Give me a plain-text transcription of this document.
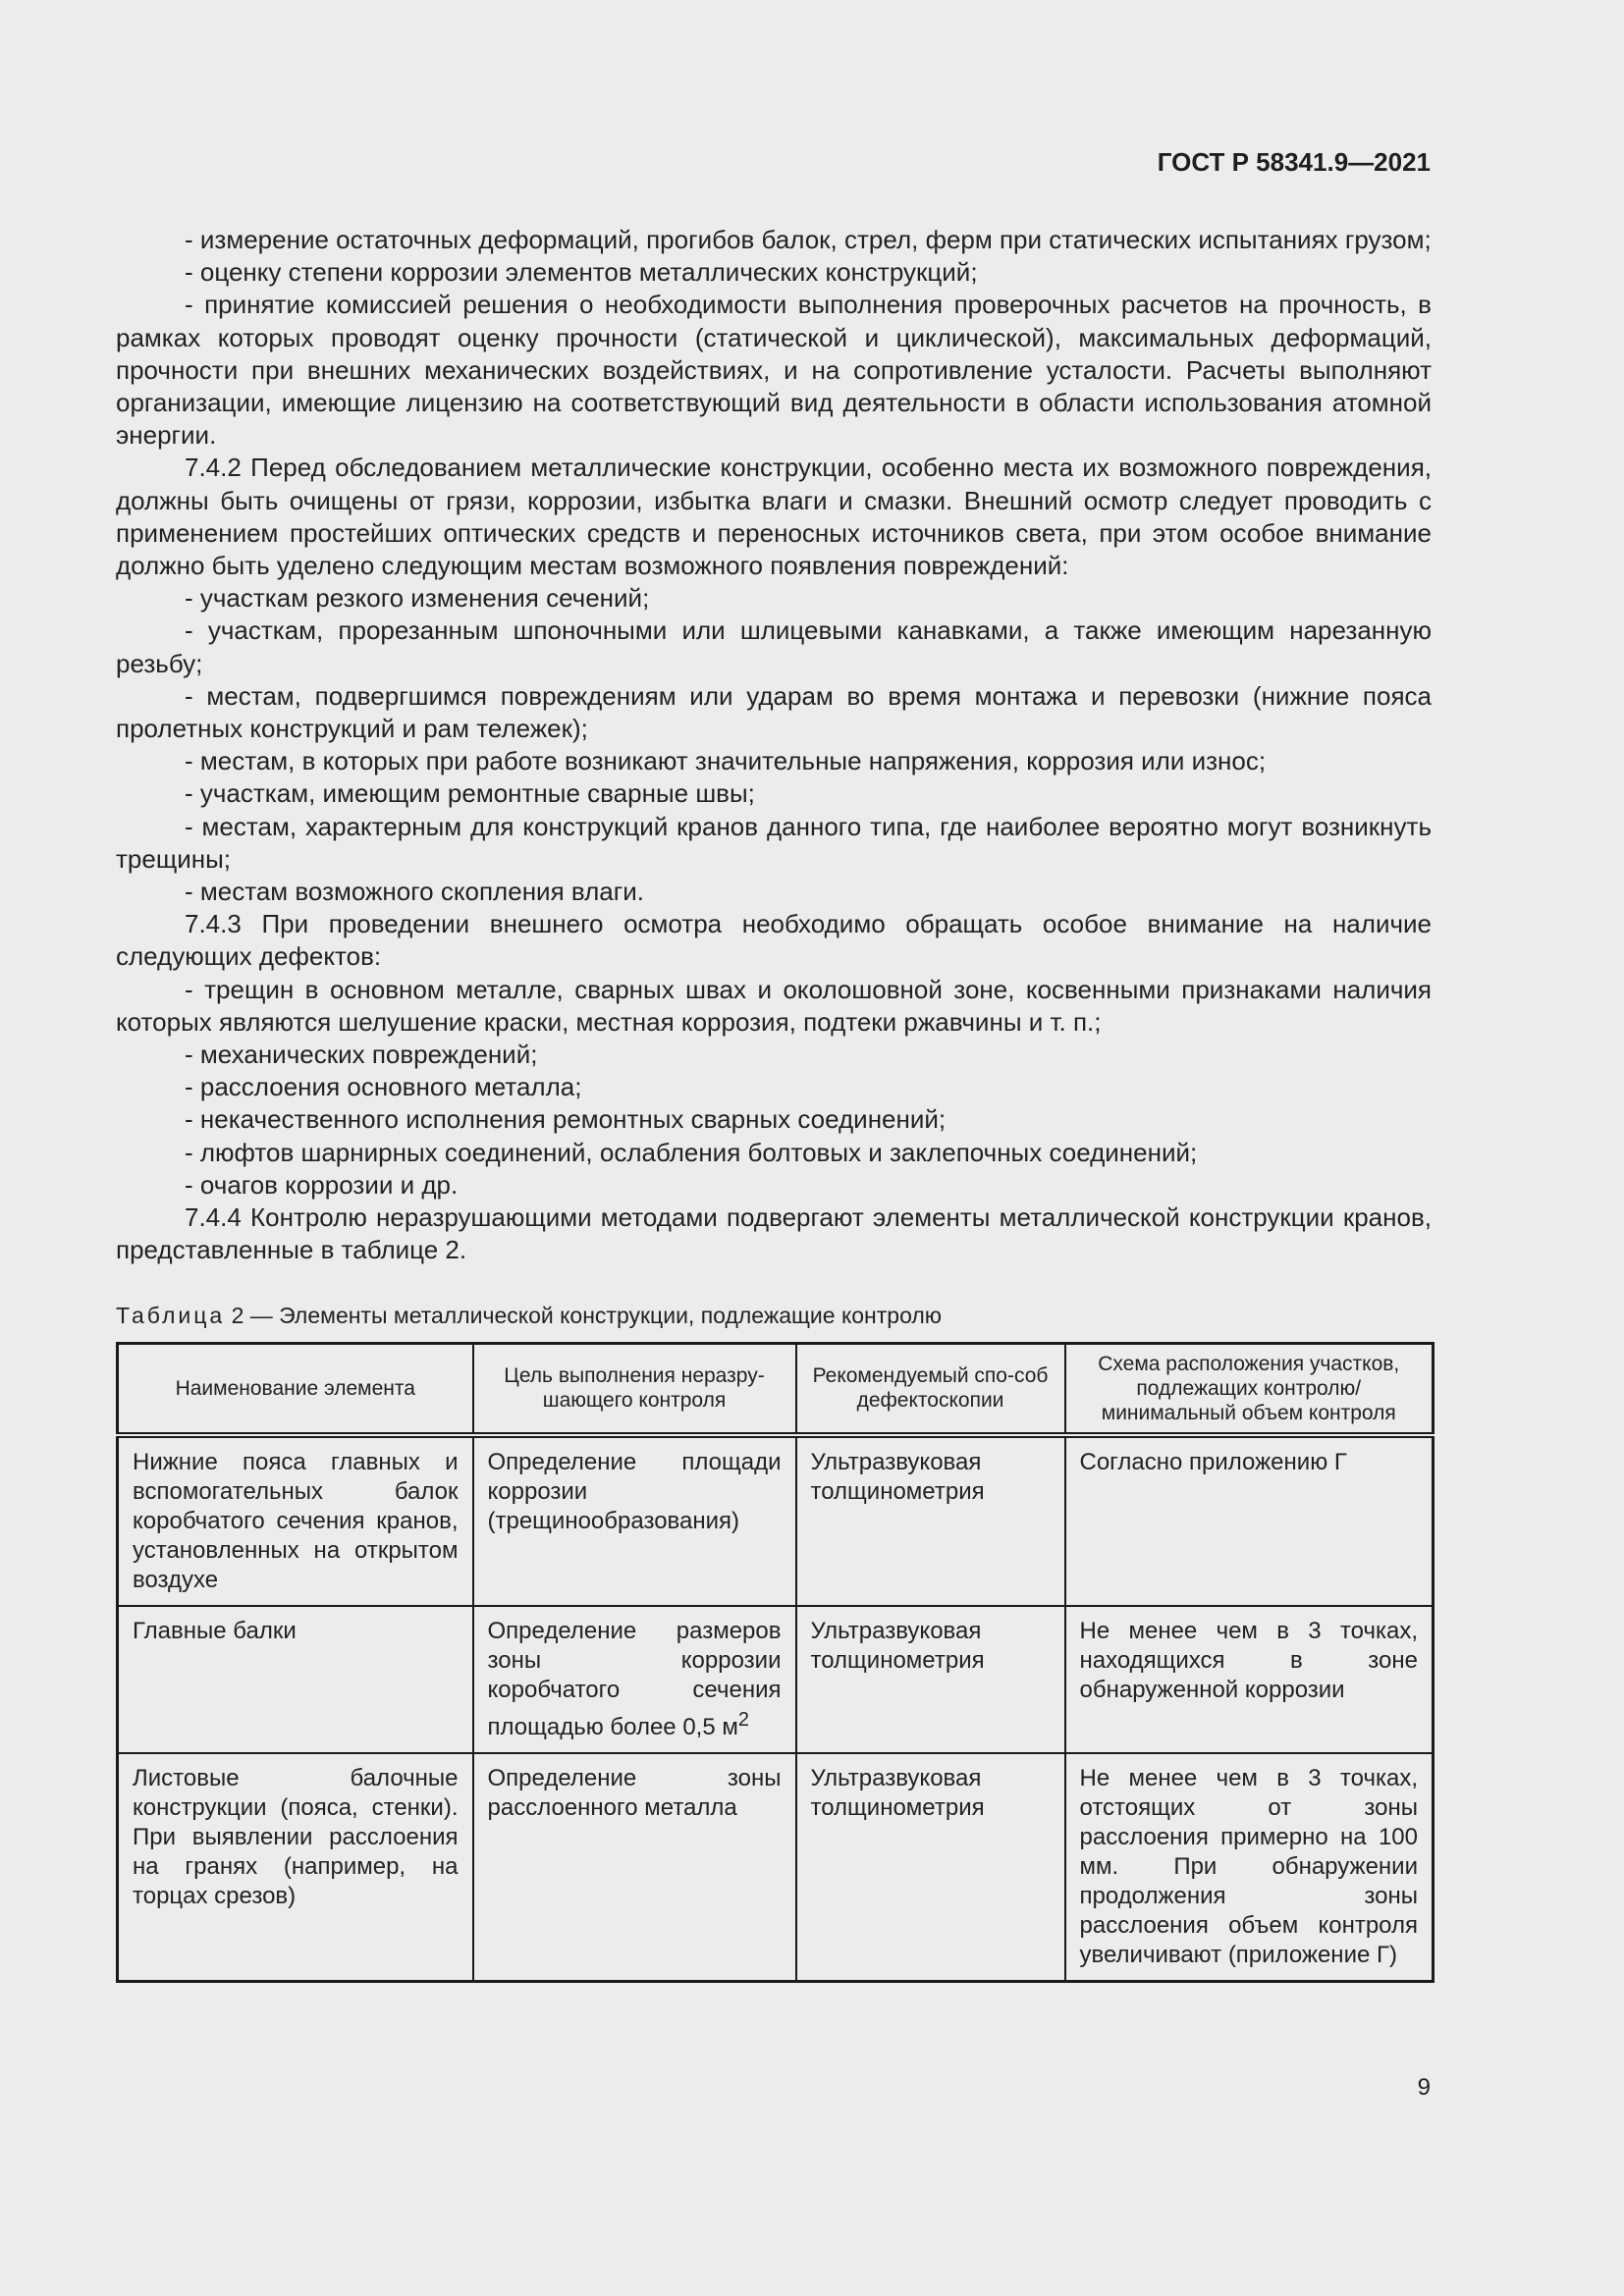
ГОСТ Р 58341.9—2021

- измерение остаточных деформаций, прогибов балок, стрел, ферм при статических испытаниях грузом;

- оценку степени коррозии элементов металлических конструкций;

- принятие комиссией решения о необходимости выполнения проверочных расчетов на прочность, в рамках которых проводят оценку прочности (статической и циклической), максимальных деформаций, прочности при внешних механических воздействиях, и на сопротивление усталости. Расчеты выполняют организации, имеющие лицензию на соответствующий вид деятельности в области использования атомной энергии.

7.4.2 Перед обследованием металлические конструкции, особенно места их возможного повреждения, должны быть очищены от грязи, коррозии, избытка влаги и смазки. Внешний осмотр следует проводить с применением простейших оптических средств и переносных источников света, при этом особое внимание должно быть уделено следующим местам возможного появления повреждений:

- участкам резкого изменения сечений;

- участкам, прорезанным шпоночными или шлицевыми канавками, а также имеющим нарезанную резьбу;

- местам, подвергшимся повреждениям или ударам во время монтажа и перевозки (нижние пояса пролетных конструкций и рам тележек);

- местам, в которых при работе возникают значительные напряжения, коррозия или износ;

- участкам, имеющим ремонтные сварные швы;

- местам, характерным для конструкций кранов данного типа, где наиболее вероятно могут возникнуть трещины;

- местам возможного скопления влаги.

7.4.3 При проведении внешнего осмотра необходимо обращать особое внимание на наличие следующих дефектов:

- трещин в основном металле, сварных швах и околошовной зоне, косвенными признаками наличия которых являются шелушение краски, местная коррозия, подтеки ржавчины и т. п.;

- механических повреждений;

- расслоения основного металла;

- некачественного исполнения ремонтных сварных соединений;

- люфтов шарнирных соединений, ослабления болтовых и заклепочных соединений;

- очагов коррозии и др.

7.4.4 Контролю неразрушающими методами подвергают элементы металлической конструкции кранов, представленные в таблице 2.

Таблица 2 — Элементы металлической конструкции, подлежащие контролю
Наименование элемента	Цель выполнения неразру-шающего контроля	Рекомендуемый спо-соб дефектоскопии	Схема расположения участков, подлежащих контролю/ минимальный объем контроля
Нижние пояса главных и вспомогательных балок коробчатого сечения кранов, установленных на открытом воздухе	Определение площади коррозии (трещинообразования)	Ультразвуковая толщинометрия	Согласно приложению Г
Главные балки	Определение размеров зоны коррозии коробчатого сечения площадью более 0,5 $м^2$	Ультразвуковая толщинометрия	Не менее чем в 3 точках, находящихся в зоне обнаруженной коррозии
Листовые балочные конструкции (пояса, стенки). При выявлении расслоения на гранях (например, на торцах срезов)	Определение зоны расслоенного металла	Ультразвуковая толщинометрия	Не менее чем в 3 точках, отстоящих от зоны расслоения примерно на 100 мм. При обнаружении продолжения зоны расслоения объем контроля увеличивают (приложение Г)
9
